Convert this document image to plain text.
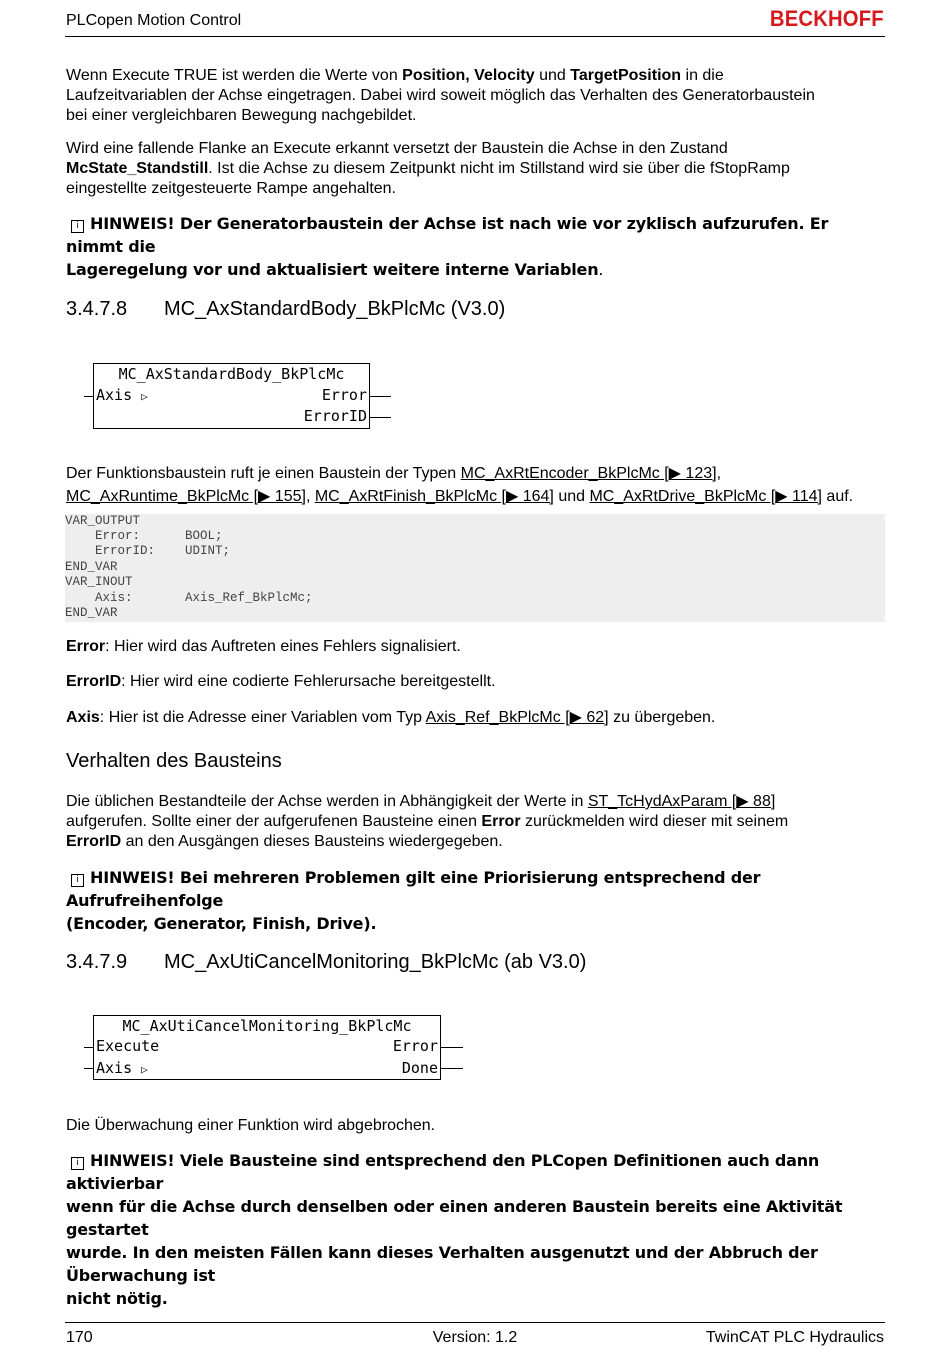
PLCopen Motion Control	BECKHOFF
Wenn Execute TRUE ist werden die Werte von Position, Velocity und TargetPosition in die
Laufzeitvariablen der Achse eingetragen. Dabei wird soweit möglich das Verhalten des Generatorbaustein
bei einer vergleichbaren Bewegung nachgebildet.
Wird eine fallende Flanke an Execute erkannt versetzt der Baustein die Achse in den Zustand
McState_Standstill. Ist die Achse zu diesem Zeitpunkt nicht im Stillstand wird sie über die fStopRamp
eingestellte zeitgesteuerte Rampe angehalten.
i HINWEIS! Der Generatorbaustein der Achse ist nach wie vor zyklisch aufzurufen. Er nimmt die
Lageregelung vor und aktualisiert weitere interne Variablen.
3.4.7.8 MC_AxStandardBody_BkPlcMc (V3.0)
MC_AxStandardBody_BkPlcMc
Axis ▷	Error
ErrorID
Der Funktionsbaustein ruft je einen Baustein der Typen MC_AxRtEncoder_BkPlcMc [▶ 123],
MC_AxRuntime_BkPlcMc [▶ 155], MC_AxRtFinish_BkPlcMc [▶ 164] und MC_AxRtDrive_BkPlcMc [▶ 114] auf.
VAR_OUTPUT
Error:      BOOL;
ErrorID:    UDINT;
END_VAR
VAR_INOUT
Axis:       Axis_Ref_BkPlcMc;
END_VAR
Error: Hier wird das Auftreten eines Fehlers signalisiert.
ErrorID: Hier wird eine codierte Fehlerursache bereitgestellt.
Axis: Hier ist die Adresse einer Variablen vom Typ Axis_Ref_BkPlcMc [▶ 62] zu übergeben.
Verhalten des Bausteins
Die üblichen Bestandteile der Achse werden in Abhängigkeit der Werte in ST_TcHydAxParam [▶ 88]
aufgerufen. Sollte einer der aufgerufenen Bausteine einen Error zurückmelden wird dieser mit seinem
ErrorID an den Ausgängen dieses Bausteins wiedergegeben.
i HINWEIS! Bei mehreren Problemen gilt eine Priorisierung entsprechend der Aufrufreihenfolge
(Encoder, Generator, Finish, Drive).
3.4.7.9 MC_AxUtiCancelMonitoring_BkPlcMc (ab V3.0)
MC_AxUtiCancelMonitoring_BkPlcMc
Execute
Axis ▷
Error
Done
Die Überwachung einer Funktion wird abgebrochen.
i HINWEIS! Viele Bausteine sind entsprechend den PLCopen Definitionen auch dann aktivierbar
wenn für die Achse durch denselben oder einen anderen Baustein bereits eine Aktivität gestartet
wurde. In den meisten Fällen kann dieses Verhalten ausgenutzt und der Abbruch der Überwachung ist
nicht nötig.
170	Version: 1.2	TwinCAT PLC Hydraulics
